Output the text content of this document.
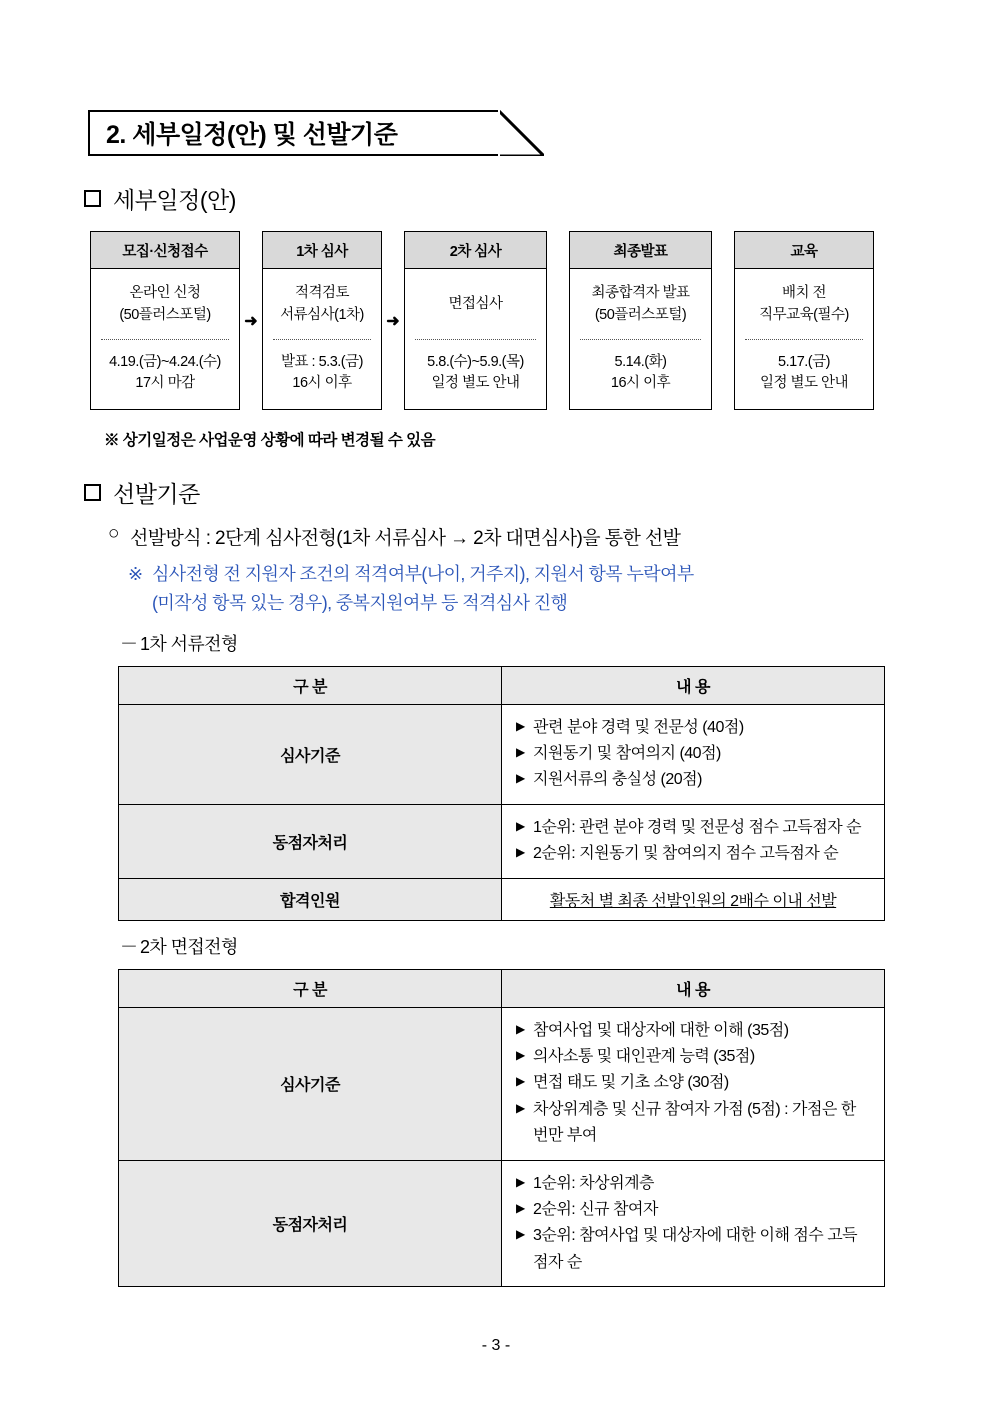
2. 세부일정(안) 및 선발기준
세부일정(안)
모집·신청접수
온라인 신청
(50플러스포털)
4.19.(금)~4.24.(수)
17시 마감
➜
1차 심사
적격검토
서류심사(1차)
발표 : 5.3.(금)
16시 이후
➜
2차 심사
면접심사
5.8.(수)~5.9.(목)
일정 별도 안내
최종발표
최종합격자 발표
(50플러스포털)
5.14.(화)
16시 이후
교육
배치 전
직무교육(필수)
5.17.(금)
일정 별도 안내
※ 상기일정은 사업운영 상황에 따라 변경될 수 있음
선발기준
○ 선발방식 : 2단계 심사전형(1차 서류심사 → 2차 대면심사)을 통한 선발
※ 심사전형 전 지원자 조건의 적격여부(나이, 거주지), 지원서 항목 누락여부
(미작성 항목 있는 경우), 중복지원여부 등 적격심사 진행
－ 1차 서류전형
구 분	내 용
심사기준	
▶ 관련 분야 경력 및 전문성 (40점)
▶ 지원동기 및 참여의지 (40점)
▶ 지원서류의 충실성 (20점)

동점자처리	▶ 1순위: 관련 분야 경력 및 전문성 점수 고득점자 순
▶ 2순위: 지원동기 및 참여의지 점수 고득점자 순

합격인원	활동처 별 최종 선발인원의 2배수 이내 선발
－ 2차 면접전형
구 분	내 용
심사기준	
▶ 참여사업 및 대상자에 대한 이해 (35점)
▶ 의사소통 및 대인관계 능력 (35점)
▶ 면접 태도 및 기초 소양 (30점)
▶ 차상위계층 및 신규 참여자 가점 (5점) : 가점은 한번만 부여

동점자처리	
▶ 1순위: 차상위계층
▶ 2순위: 신규 참여자
▶ 3순위: 참여사업 및 대상자에 대한 이해 점수 고득점자 순
- 3 -
